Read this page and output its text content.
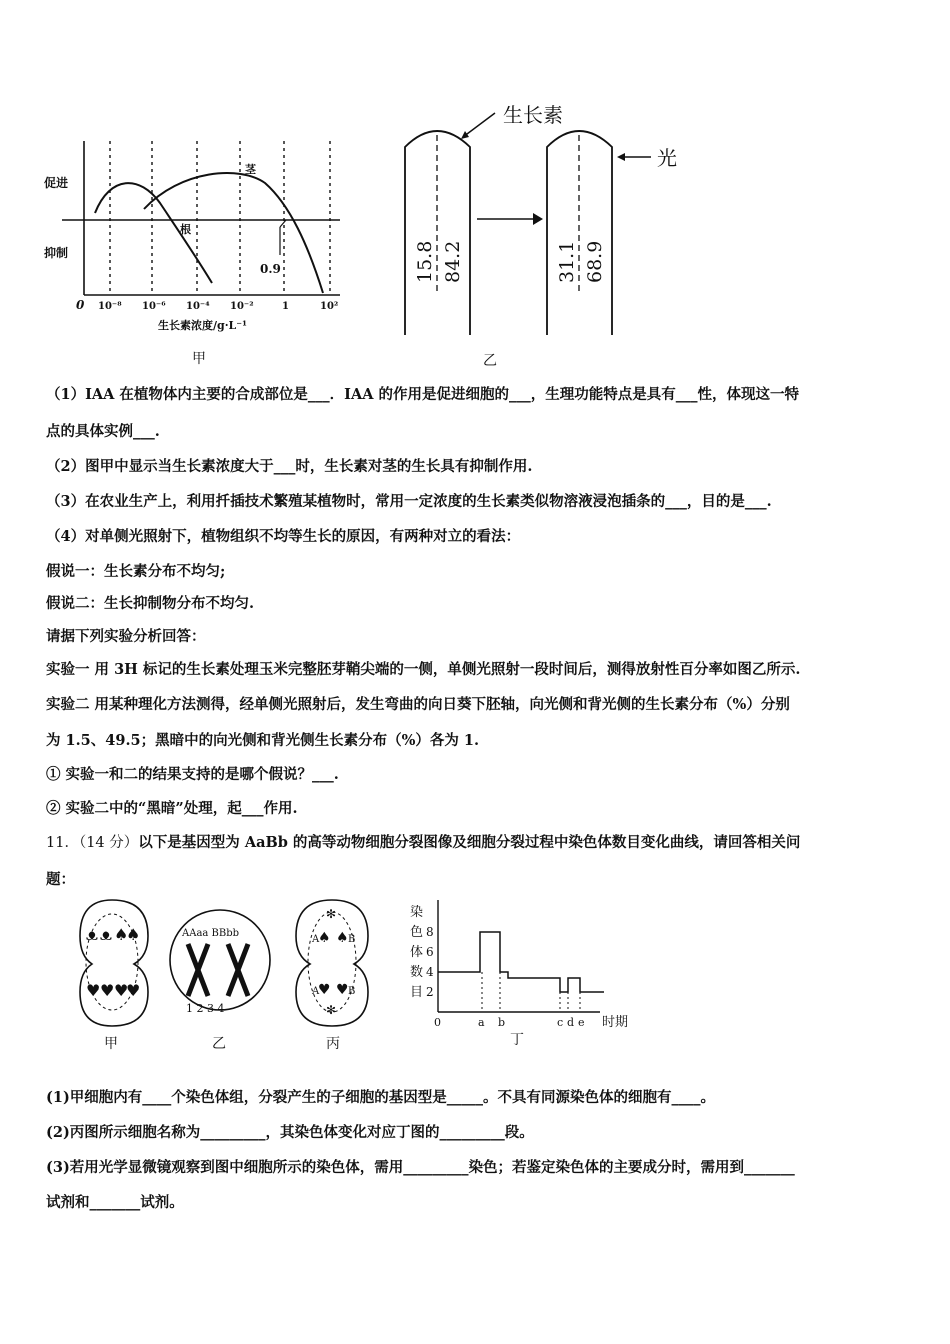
0.9
促进
抑制
茎
根
0 10⁻⁸ 10⁻⁶ 10⁻⁴ 10⁻²	1	10²
生长素浓度/g·L⁻¹
甲
生长素
光
15.8 84.2	31.1 68.9
乙
（1）IAA 在植物体内主要的合成部位是___．IAA 的作用是促进细胞的___，生理功能特点是具有___性，体现这一特
点的具体实例___.
（2）图甲中显示当生长素浓度大于___时，生长素对茎的生长具有抑制作用.
（3）在农业生产上，利用扦插技术繁殖某植物时，常用一定浓度的生长素类似物溶液浸泡插条的___，目的是___.
（4）对单侧光照射下，植物组织不均等生长的原因，有两种对立的看法：
假说一：生长素分布不均匀;
假说二：生长抑制物分布不均匀.
请据下列实验分析回答：
实验一 用 3H 标记的生长素处理玉米完整胚芽鞘尖端的一侧，单侧光照射一段时间后，测得放射性百分率如图乙所示.
实验二 用某种理化方法测得，经单侧光照射后，发生弯曲的向日葵下胚轴，向光侧和背光侧的生长素分布（%）分别
为 1.5、49.5；黑暗中的向光侧和背光侧生长素分布（%）各为 1.
① 实验一和二的结果支持的是哪个假说？___.
② 实验二中的“黑暗”处理，起___作用.
11．（14 分）以下是基因型为 AaBb 的高等动物细胞分裂图像及细胞分裂过程中染色体数目变化曲线，请回答相关问
题：
ᴥ ᴥ ♠
♠
♥ ♥ ♥
♥
AAaa BBbb
1 2 3 4
✻
✻
A
♠ ♠ B
A
♥ ♥ B
染
色
体
数
目
8
6
4
2
0	a b	c d e 时期
甲	乙	丙	丁
(1)甲细胞内有____个染色体组，分裂产生的子细胞的基因型是_____。不具有同源染色体的细胞有____。
(2)丙图所示细胞名称为_________，其染色体变化对应丁图的_________段。
(3)若用光学显微镜观察到图中细胞所示的染色体，需用_________染色；若鉴定染色体的主要成分时，需用到_______
试剂和_______试剂。
